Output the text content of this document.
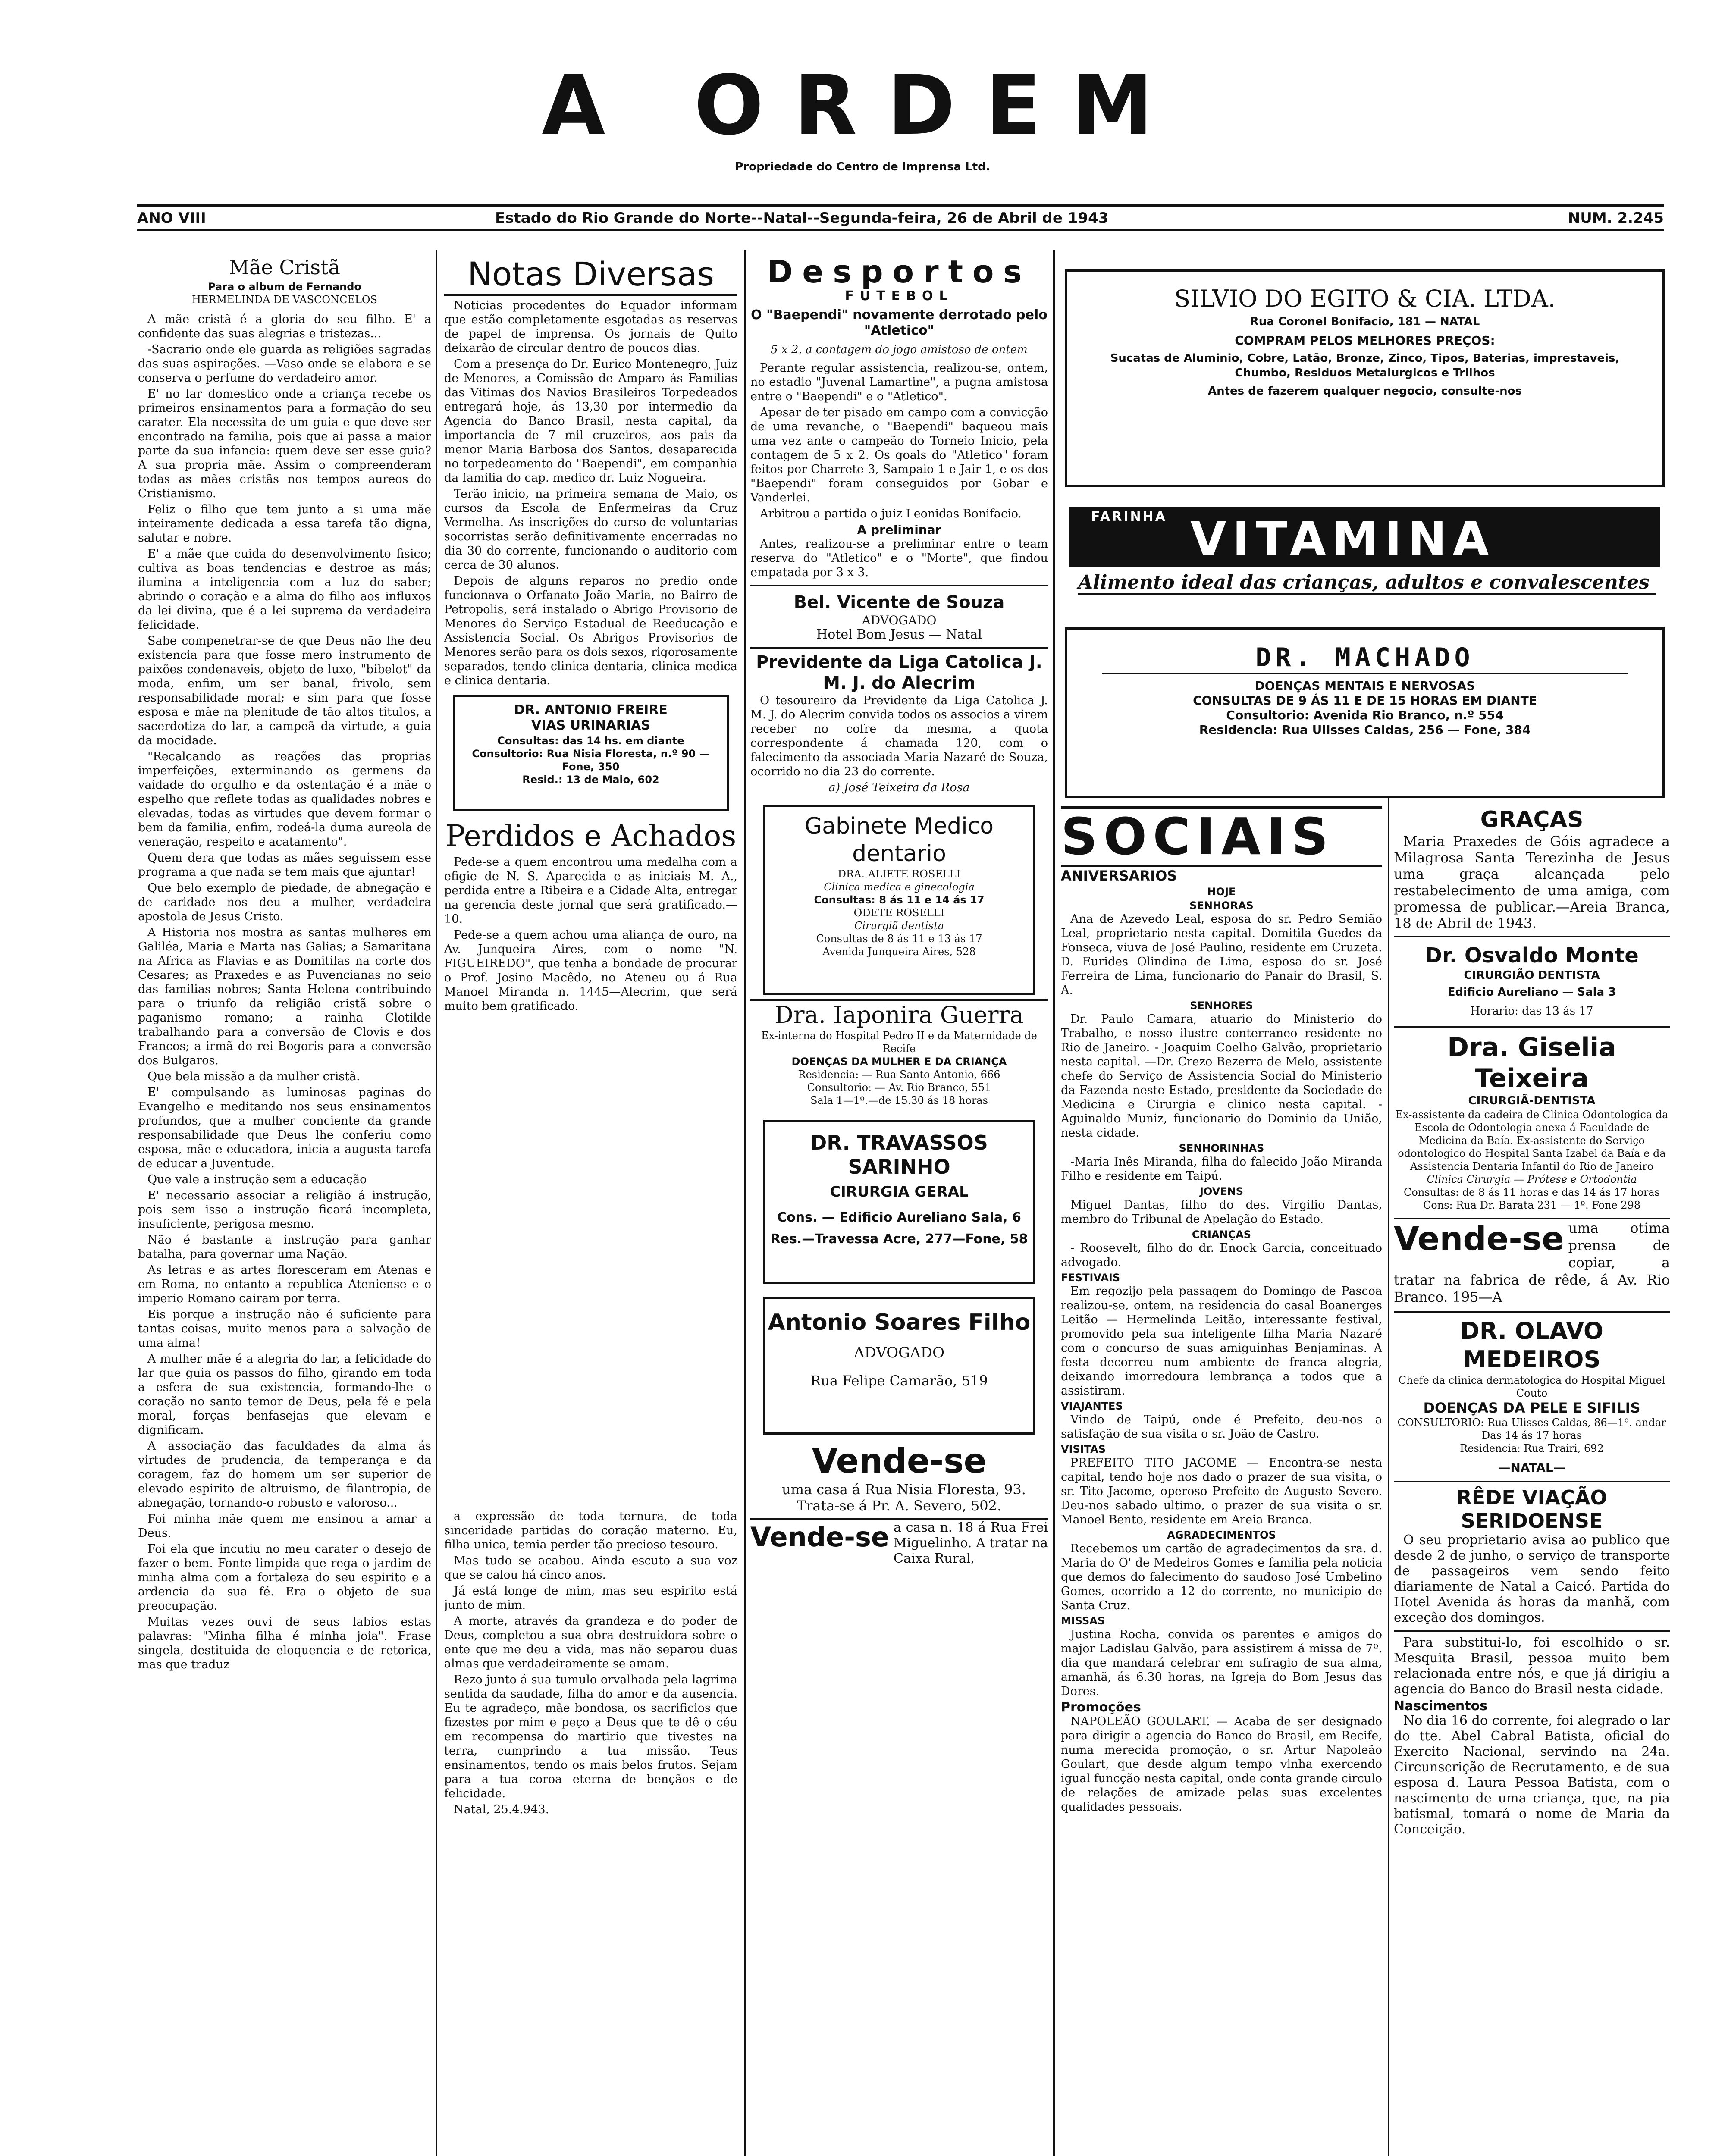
A ORDEM
Propriedade do Centro de Imprensa Ltd.
ANO VIII	Estado do Rio Grande do Norte--Natal--Segunda-feira, 26 de Abril de 1943	NUM. 2.245
Mãe Cristã
Para o album de Fernando
HERMELINDA DE VASCONCELOS

A mãe cristã é a gloria do seu filho. E' a confidente das suas alegrias e tristezas...

-Sacrario onde ele guarda as religiões sagradas das suas aspirações. —Vaso onde se elabora e se conserva o perfume do verdadeiro amor.

E' no lar domestico onde a criança recebe os primeiros ensinamentos para a formação do seu carater. Ela necessita de um guia e que deve ser encontrado na familia, pois que ai passa a maior parte da sua infancia: quem deve ser esse guia? A sua propria mãe. Assim o compreenderam todas as mães cristãs nos tempos aureos do Cristianismo.

Feliz o filho que tem junto a si uma mãe inteiramente dedicada a essa tarefa tão digna, salutar e nobre.

E' a mãe que cuida do desenvolvimento fisico; cultiva as boas tendencias e destroe as más; ilumina a inteligencia com a luz do saber; abrindo o coração e a alma do filho aos influxos da lei divina, que é a lei suprema da verdadeira felicidade.

Sabe compenetrar-se de que Deus não lhe deu existencia para que fosse mero instrumento de paixões condenaveis, objeto de luxo, "bibelot" da moda, enfim, um ser banal, frivolo, sem responsabilidade moral; e sim para que fosse esposa e mãe na plenitude de tão altos titulos, a sacerdotiza do lar, a campeã da virtude, a guia da mocidade.

"Recalcando as reações das proprias imperfeições, exterminando os germens da vaidade do orgulho e da ostentação é a mãe o espelho que reflete todas as qualidades nobres e elevadas, todas as virtudes que devem formar o bem da familia, enfim, rodeá-la duma aureola de veneração, respeito e acatamento".

Quem dera que todas as mães seguissem esse programa a que nada se tem mais que ajuntar!

Que belo exemplo de piedade, de abnegação e de caridade nos deu a mulher, verdadeira apostola de Jesus Cristo.

A Historia nos mostra as santas mulheres em Galiléa, Maria e Marta nas Galias; a Samaritana na Africa as Flavias e as Domitilas na corte dos Cesares; as Praxedes e as Puvencianas no seio das familias nobres; Santa Helena contribuindo para o triunfo da religião cristã sobre o paganismo romano; a rainha Clotilde trabalhando para a conversão de Clovis e dos Francos; a irmã do rei Bogoris para a conversão dos Bulgaros.

Que bela missão a da mulher cristã.

E' compulsando as luminosas paginas do Evangelho e meditando nos seus ensinamentos profundos, que a mulher conciente da grande responsabilidade que Deus lhe conferiu como esposa, mãe e educadora, inicia a augusta tarefa de educar a Juventude.

Que vale a instrução sem a educação

E' necessario associar a religião á instrução, pois sem isso a instrução ficará incompleta, insuficiente, perigosa mesmo.

Não é bastante a instrução para ganhar batalha, para governar uma Nação.

As letras e as artes floresceram em Atenas e em Roma, no entanto a republica Ateniense e o imperio Romano cairam por terra.

Eis porque a instrução não é suficiente para tantas coisas, muito menos para a salvação de uma alma!

A mulher mãe é a alegria do lar, a felicidade do lar que guia os passos do filho, girando em toda a esfera de sua existencia, formando-lhe o coração no santo temor de Deus, pela fé e pela moral, forças benfasejas que elevam e dignificam.

A associação das faculdades da alma ás virtudes de prudencia, da temperança e da coragem, faz do homem um ser superior de elevado espirito de altruismo, de filantropia, de abnegação, tornando-o robusto e valoroso...

Foi minha mãe quem me ensinou a amar a Deus.

Foi ela que incutiu no meu carater o desejo de fazer o bem. Fonte limpida que rega o jardim de minha alma com a fortaleza do seu espirito e a ardencia da sua fé. Era o objeto de sua preocupação.

Muitas vezes ouvi de seus labios estas palavras: "Minha filha é minha joia". Frase singela, destituida de eloquencia e de retorica, mas que traduz

Notas Diversas

Noticias procedentes do Equador informam que estão completamente esgotadas as reservas de papel de imprensa. Os jornais de Quito deixarão de circular dentro de poucos dias.

Com a presença do Dr. Eurico Montenegro, Juiz de Menores, a Comissão de Amparo ás Familias das Vitimas dos Navios Brasileiros Torpedeados entregará hoje, ás 13,30 por intermedio da Agencia do Banco Brasil, nesta capital, da importancia de 7 mil cruzeiros, aos pais da menor Maria Barbosa dos Santos, desaparecida no torpedeamento do "Baependi", em companhia da familia do cap. medico dr. Luiz Nogueira.

Terão inicio, na primeira semana de Maio, os cursos da Escola de Enfermeiras da Cruz Vermelha. As inscrições do curso de voluntarias socorristas serão definitivamente encerradas no dia 30 do corrente, funcionando o auditorio com cerca de 30 alunos.

Depois de alguns reparos no predio onde funcionava o Orfanato João Maria, no Bairro de Petropolis, será instalado o Abrigo Provisorio de Menores do Serviço Estadual de Reeducação e Assistencia Social. Os Abrigos Provisorios de Menores serão para os dois sexos, rigorosamente separados, tendo clinica dentaria, clinica medica e clinica dentaria.

DR. ANTONIO FREIRE
VIAS URINARIAS
Consultas: das 14 hs. em diante
Consultorio: Rua Nisia Floresta, n.º 90 — Fone, 350
Resid.: 13 de Maio, 602
Perdidos e Achados

Pede-se a quem encontrou uma medalha com a efigie de N. S. Aparecida e as iniciais M. A., perdida entre a Ribeira e a Cidade Alta, entregar na gerencia deste jornal que será gratificado.—10.

Pede-se a quem achou uma aliança de ouro, na Av. Junqueira Aires, com o nome "N. FIGUEIREDO", que tenha a bondade de procurar o Prof. Josino Macêdo, no Ateneu ou á Rua Manoel Miranda n. 1445—Alecrim, que será muito bem gratificado.

a expressão de toda ternura, de toda sinceridade partidas do coração materno. Eu, filha unica, temia perder tão precioso tesouro.

Mas tudo se acabou. Ainda escuto a sua voz que se calou há cinco anos.

Já está longe de mim, mas seu espirito está junto de mim.

A morte, através da grandeza e do poder de Deus, completou a sua obra destruidora sobre o ente que me deu a vida, mas não separou duas almas que verdadeiramente se amam.

Rezo junto á sua tumulo orvalhada pela lagrima sentida da saudade, filha do amor e da ausencia. Eu te agradeço, mãe bondosa, os sacrificios que fizestes por mim e peço a Deus que te dê o céu em recompensa do martirio que tivestes na terra, cumprindo a tua missão. Teus ensinamentos, tendo os mais belos frutos. Sejam para a tua coroa eterna de bençãos e de felicidade.

Natal, 25.4.943.

Desportos
FUTEBOL
O "Baependi" novamente derrotado pelo "Atletico"
5 x 2, a contagem do jogo amistoso de ontem

Perante regular assistencia, realizou-se, ontem, no estadio "Juvenal Lamartine", a pugna amistosa entre o "Baependi" e o "Atletico".

Apesar de ter pisado em campo com a convicção de uma revanche, o "Baependi" baqueou mais uma vez ante o campeão do Torneio Inicio, pela contagem de 5 x 2. Os goals do "Atletico" foram feitos por Charrete 3, Sampaio 1 e Jair 1, e os dos "Baependi" foram conseguidos por Gobar e Vanderlei.

Arbitrou a partida o juiz Leonidas Bonifacio.

A preliminar

Antes, realizou-se a preliminar entre o team reserva do "Atletico" e o "Morte", que findou empatada por 3 x 3.

Bel. Vicente de Souza
ADVOGADO
Hotel Bom Jesus — Natal
Previdente da Liga Catolica J. M. J. do Alecrim

O tesoureiro da Previdente da Liga Catolica J. M. J. do Alecrim convida todos os associos a virem receber no cofre da mesma, a quota correspondente á chamada 120, com o falecimento da associada Maria Nazaré de Souza, ocorrido no dia 23 do corrente.

a) José Teixeira da Rosa
Gabinete Medico
dentario
DRA. ALIETE ROSELLI
Clinica medica e ginecologia
Consultas: 8 ás 11 e 14 ás 17
ODETE ROSELLI
Cirurgiã dentista
Consultas de 8 ás 11 e 13 ás 17
Avenida Junqueira Aires, 528
Dra. Iaponira Guerra
Ex-interna do Hospital Pedro II e da Maternidade de Recife
DOENÇAS DA MULHER E DA CRIANÇA
Residencia: — Rua Santo Antonio, 666
Consultorio: — Av. Rio Branco, 551
Sala 1—1º.—de 15.30 ás 18 horas
DR. TRAVASSOS SARINHO
CIRURGIA GERAL
Cons. — Edificio Aureliano Sala, 6
Res.—Travessa Acre, 277—Fone, 58
Antonio Soares Filho
ADVOGADO
Rua Felipe Camarão, 519
Vende-se

uma casa á Rua Nisia Floresta, 93. Trata-se á Pr. A. Severo, 502.

Vende-se a casa n. 18 á Rua Frei Miguelinho. A tratar na Caixa Rural,
SILVIO DO EGITO & CIA. LTDA.
Rua Coronel Bonifacio, 181 — NATAL
COMPRAM PELOS MELHORES PREÇOS:
Sucatas de Aluminio, Cobre, Latão, Bronze, Zinco, Tipos, Baterias, imprestaveis, Chumbo, Residuos Metalurgicos e Trilhos
Antes de fazerem qualquer negocio, consulte-nos
FARINHA VITAMINA
Alimento ideal das crianças, adultos e convalescentes
DR. MACHADO
DOENÇAS MENTAIS E NERVOSAS
CONSULTAS DE 9 ÁS 11 E DE 15 HORAS EM DIANTE
Consultorio: Avenida Rio Branco, n.º 554
Residencia: Rua Ulisses Caldas, 256 — Fone, 384
SOCIAIS
ANIVERSARIOS
HOJE
SENHORAS

Ana de Azevedo Leal, esposa do sr. Pedro Semião Leal, proprietario nesta capital. Domitila Guedes da Fonseca, viuva de José Paulino, residente em Cruzeta. D. Eurides Olindina de Lima, esposa do sr. José Ferreira de Lima, funcionario do Panair do Brasil, S. A.

SENHORES

Dr. Paulo Camara, atuario do Ministerio do Trabalho, e nosso ilustre conterraneo residente no Rio de Janeiro. - Joaquim Coelho Galvão, proprietario nesta capital. —Dr. Crezo Bezerra de Melo, assistente chefe do Serviço de Assistencia Social do Ministerio da Fazenda neste Estado, presidente da Sociedade de Medicina e Cirurgia e clinico nesta capital. -Aguinaldo Muniz, funcionario do Dominio da União, nesta cidade.

SENHORINHAS

-Maria Inês Miranda, filha do falecido João Miranda Filho e residente em Taipú.

JOVENS

Miguel Dantas, filho do des. Virgilio Dantas, membro do Tribunal de Apelação do Estado.

CRIANÇAS

- Roosevelt, filho do dr. Enock Garcia, conceituado advogado.

FESTIVAIS

Em regozijo pela passagem do Domingo de Pascoa realizou-se, ontem, na residencia do casal Boanerges Leitão — Hermelinda Leitão, interessante festival, promovido pela sua inteligente filha Maria Nazaré com o concurso de suas amiguinhas Benjaminas. A festa decorreu num ambiente de franca alegria, deixando imorredoura lembrança a todos que a assistiram.

VIAJANTES

Vindo de Taipú, onde é Prefeito, deu-nos a satisfação de sua visita o sr. João de Castro.

VISITAS

PREFEITO TITO JACOME — Encontra-se nesta capital, tendo hoje nos dado o prazer de sua visita, o sr. Tito Jacome, operoso Prefeito de Augusto Severo. Deu-nos sabado ultimo, o prazer de sua visita o sr. Manoel Bento, residente em Areia Branca.

AGRADECIMENTOS

Recebemos um cartão de agradecimentos da sra. d. Maria do O' de Medeiros Gomes e familia pela noticia que demos do falecimento do saudoso José Umbelino Gomes, ocorrido a 12 do corrente, no municipio de Santa Cruz.

MISSAS

Justina Rocha, convida os parentes e amigos do major Ladislau Galvão, para assistirem á missa de 7º. dia que mandará celebrar em sufragio de sua alma, amanhã, ás 6.30 horas, na Igreja do Bom Jesus das Dores.

Promoções

NAPOLEÃO GOULART. — Acaba de ser designado para dirigir a agencia do Banco do Brasil, em Recife, numa merecida promoção, o sr. Artur Napoleão Goulart, que desde algum tempo vinha exercendo igual funcção nesta capital, onde conta grande circulo de relações de amizade pelas suas excelentes qualidades pessoais.

GRAÇAS

Maria Praxedes de Góis agradece a Milagrosa Santa Terezinha de Jesus uma graça alcançada pelo restabelecimento de uma amiga, com promessa de publicar.—Areia Branca, 18 de Abril de 1943.

Dr. Osvaldo Monte
CIRURGIÃO DENTISTA
Edificio Aureliano — Sala 3
Horario: das 13 ás 17
Dra. Giselia Teixeira
CIRURGIÃ-DENTISTA
Ex-assistente da cadeira de Clinica Odontologica da Escola de Odontologia anexa á Faculdade de Medicina da Baía. Ex-assistente do Serviço odontologico do Hospital Santa Izabel da Baía e da Assistencia Dentaria Infantil do Rio de Janeiro
Clinica Cirurgia — Prótese e Ortodontia
Consultas: de 8 ás 11 horas e das 14 ás 17 horas
Cons: Rua Dr. Barata 231 — 1º. Fone 298
Vende-se uma otima prensa de copiar, a tratar na fabrica de rêde, á Av. Rio Branco. 195—A
DR. OLAVO MEDEIROS
Chefe da clinica dermatologica do Hospital Miguel Couto
DOENÇAS DA PELE E SIFILIS
CONSULTORIO: Rua Ulisses Caldas, 86—1º. andar
Das 14 ás 17 horas
Residencia: Rua Trairi, 692
—NATAL—
RÊDE VIAÇÃO SERIDOENSE

O seu proprietario avisa ao publico que desde 2 de junho, o serviço de transporte de passageiros vem sendo feito diariamente de Natal a Caicó. Partida do Hotel Avenida ás horas da manhã, com exceção dos domingos.

Para substitui-lo, foi escolhido o sr. Mesquita Brasil, pessoa muito bem relacionada entre nós, e que já dirigiu a agencia do Banco do Brasil nesta cidade.

Nascimentos

No dia 16 do corrente, foi alegrado o lar do tte. Abel Cabral Batista, oficial do Exercito Nacional, servindo na 24a. Circunscrição de Recrutamento, e de sua esposa d. Laura Pessoa Batista, com o nascimento de uma criança, que, na pia batismal, tomará o nome de Maria da Conceição.
